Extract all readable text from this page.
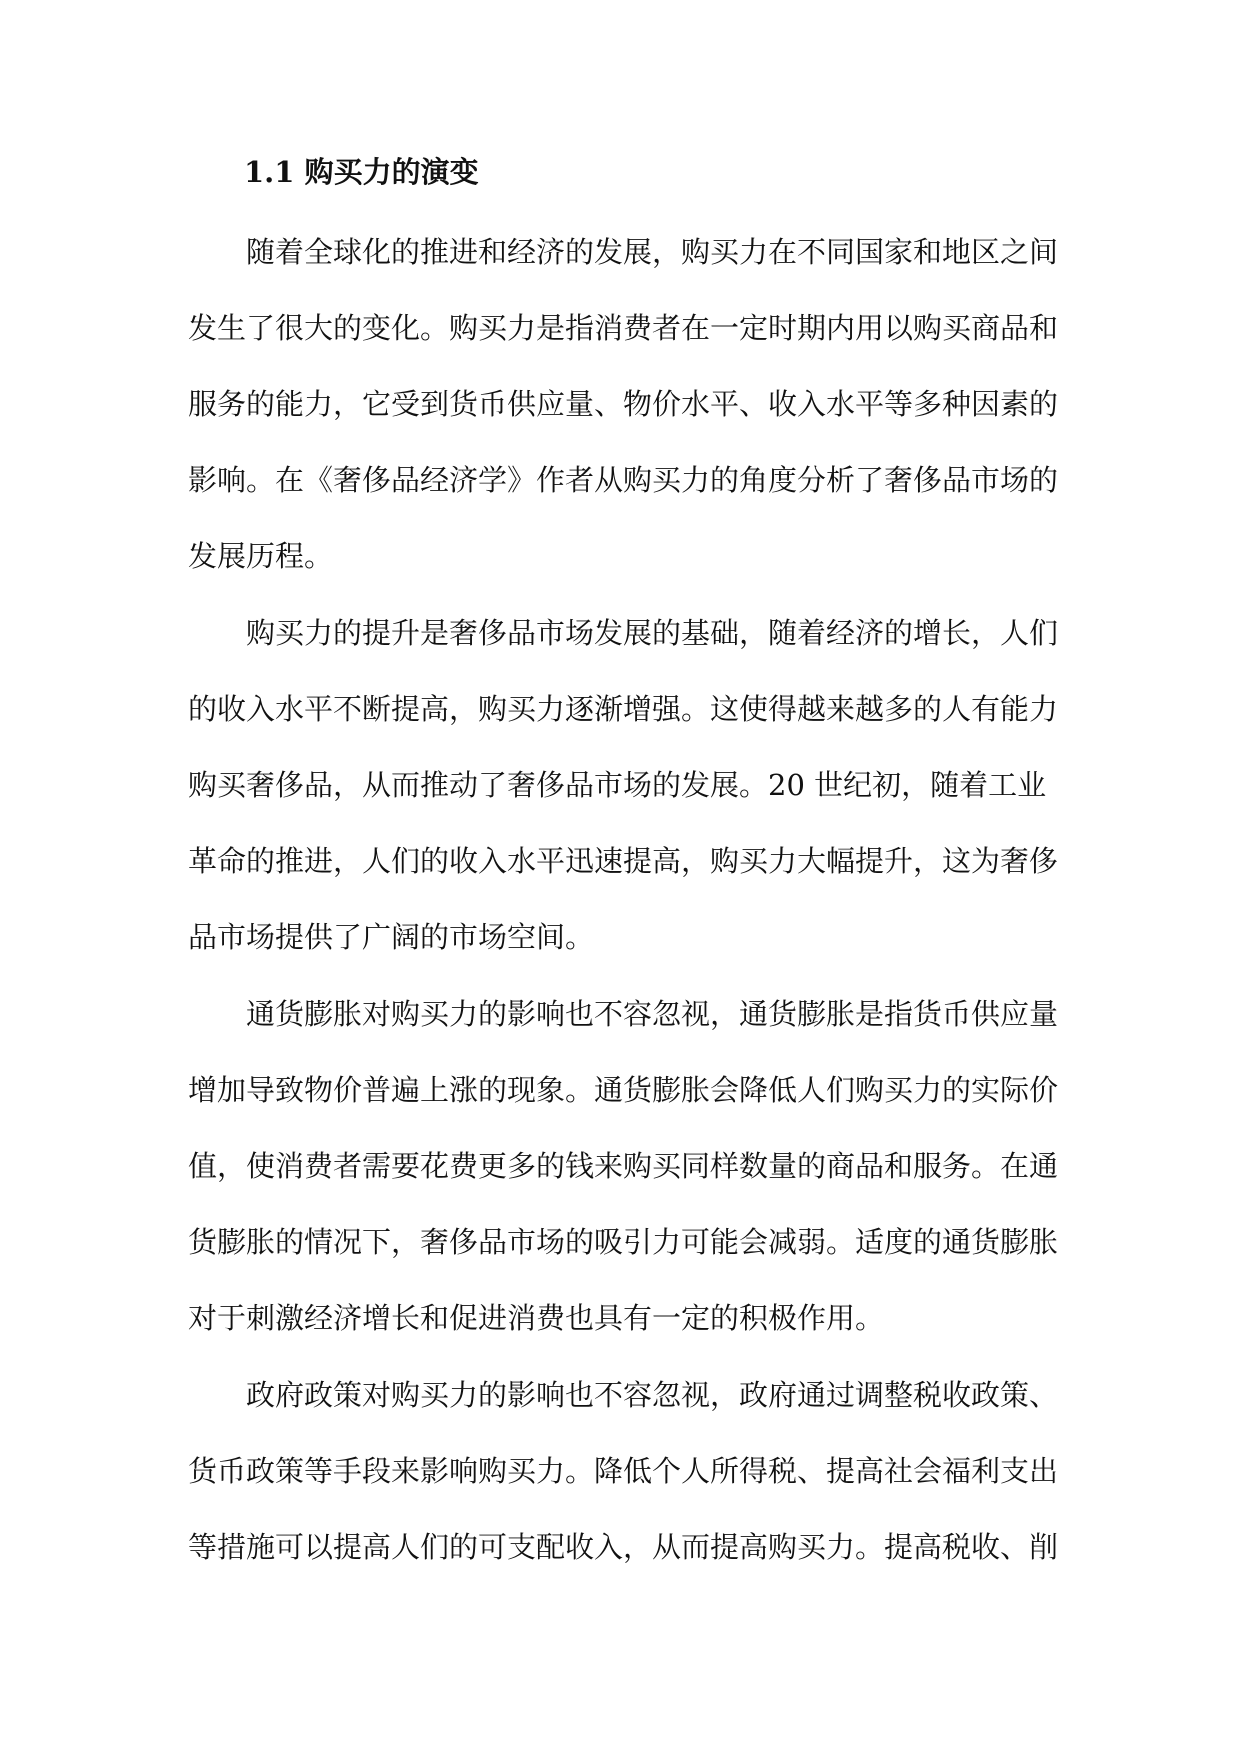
1.1 购买力的演变
随着全球化的推进和经济的发展，购买力在不同国家和地区之间
发生了很大的变化。购买力是指消费者在一定时期内用以购买商品和
服务的能力，它受到货币供应量、物价水平、收入水平等多种因素的
影响。在《奢侈品经济学》作者从购买力的角度分析了奢侈品市场的
发展历程。
购买力的提升是奢侈品市场发展的基础，随着经济的增长，人们
的收入水平不断提高，购买力逐渐增强。这使得越来越多的人有能力
购买奢侈品，从而推动了奢侈品市场的发展。20 世纪初，随着工业
革命的推进，人们的收入水平迅速提高，购买力大幅提升，这为奢侈
品市场提供了广阔的市场空间。
通货膨胀对购买力的影响也不容忽视，通货膨胀是指货币供应量
增加导致物价普遍上涨的现象。通货膨胀会降低人们购买力的实际价
值，使消费者需要花费更多的钱来购买同样数量的商品和服务。在通
货膨胀的情况下，奢侈品市场的吸引力可能会减弱。适度的通货膨胀
对于刺激经济增长和促进消费也具有一定的积极作用。
政府政策对购买力的影响也不容忽视，政府通过调整税收政策、
货币政策等手段来影响购买力。降低个人所得税、提高社会福利支出
等措施可以提高人们的可支配收入，从而提高购买力。提高税收、削
